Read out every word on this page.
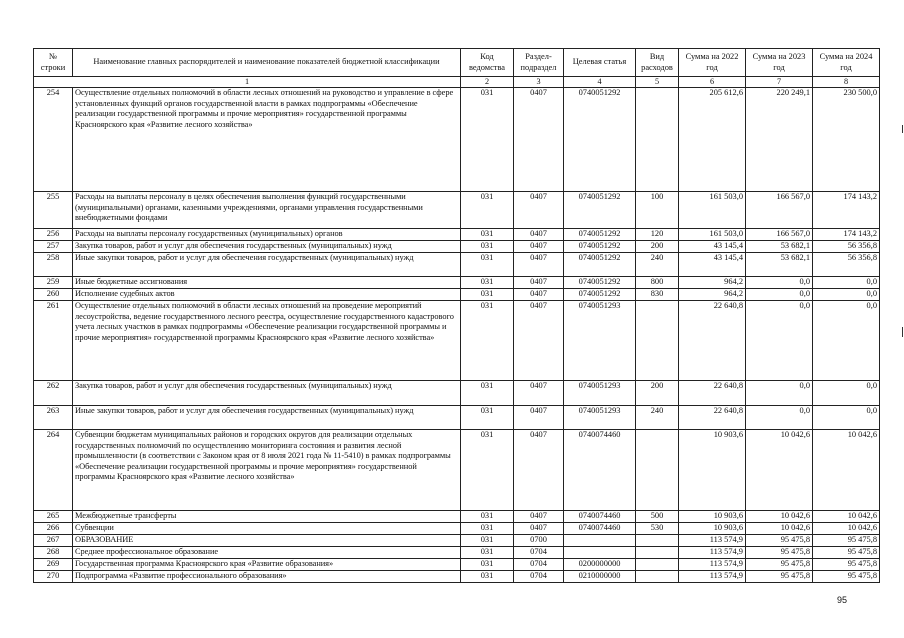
№ строки	Наименование главных распорядителей и наименование показателей бюджетной классификации	Код ведомства	Раздел-подраздел	Целевая статья	Вид расходов	Сумма на 2022 год	Сумма на 2023 год	Сумма на 2024 год
1		2	3	4	5	6	7	8
254	Осуществление отдельных полномочий в области лесных отношений на руководство и управление в сфере установленных функций органов государственной власти в рамках подпрограммы «Обеспечение реализации государственной программы и прочие мероприятия» государственной программы Красноярского края «Развитие лесного хозяйства»	031	0407	0740051292		205 612,6	220 249,1	230 500,0
255	Расходы на выплаты персоналу в целях обеспечения выполнения функций государственными (муниципальными) органами, казенными учреждениями, органами управления государственными внебюджетными фондами	031	0407	0740051292	100	161 503,0	166 567,0	174 143,2
256	Расходы на выплаты персоналу государственных (муниципальных) органов	031	0407	0740051292	120	161 503,0	166 567,0	174 143,2
257	Закупка товаров, работ и услуг для обеспечения государственных (муниципальных) нужд	031	0407	0740051292	200	43 145,4	53 682,1	56 356,8
258	Иные закупки товаров, работ и услуг для обеспечения государственных (муниципальных) нужд	031	0407	0740051292	240	43 145,4	53 682,1	56 356,8
259	Иные бюджетные ассигнования	031	0407	0740051292	800	964,2	0,0	0,0
260	Исполнение судебных актов	031	0407	0740051292	830	964,2	0,0	0,0
261	Осуществление отдельных полномочий в области лесных отношений на проведение мероприятий лесоустройства, ведение государственного лесного реестра, осуществление государственного кадастрового учета лесных участков в рамках подпрограммы «Обеспечение реализации государственной программы и прочие мероприятия» государственной программы Красноярского края «Развитие лесного хозяйства»	031	0407	0740051293		22 640,8	0,0	0,0
262	Закупка товаров, работ и услуг для обеспечения государственных (муниципальных) нужд	031	0407	0740051293	200	22 640,8	0,0	0,0
263	Иные закупки товаров, работ и услуг для обеспечения государственных (муниципальных) нужд	031	0407	0740051293	240	22 640,8	0,0	0,0
264	Субвенции бюджетам муниципальных районов и городских округов для реализации отдельных государственных полномочий по осуществлению мониторинга состояния и развития лесной промышленности (в соответствии с Законом края от 8 июля 2021 года № 11-5410) в рамках подпрограммы «Обеспечение реализации государственной программы и прочие мероприятия» государственной программы Красноярского края «Развитие лесного хозяйства»	031	0407	0740074460		10 903,6	10 042,6	10 042,6
265	Межбюджетные трансферты	031	0407	0740074460	500	10 903,6	10 042,6	10 042,6
266	Субвенции	031	0407	0740074460	530	10 903,6	10 042,6	10 042,6
267	ОБРАЗОВАНИЕ	031	0700			113 574,9	95 475,8	95 475,8
268	Среднее профессиональное образование	031	0704			113 574,9	95 475,8	95 475,8
269	Государственная программа Красноярского края «Развитие образования»	031	0704	0200000000		113 574,9	95 475,8	95 475,8
270	Подпрограмма «Развитие профессионального образования»	031	0704	0210000000		113 574,9	95 475,8	95 475,8
95
